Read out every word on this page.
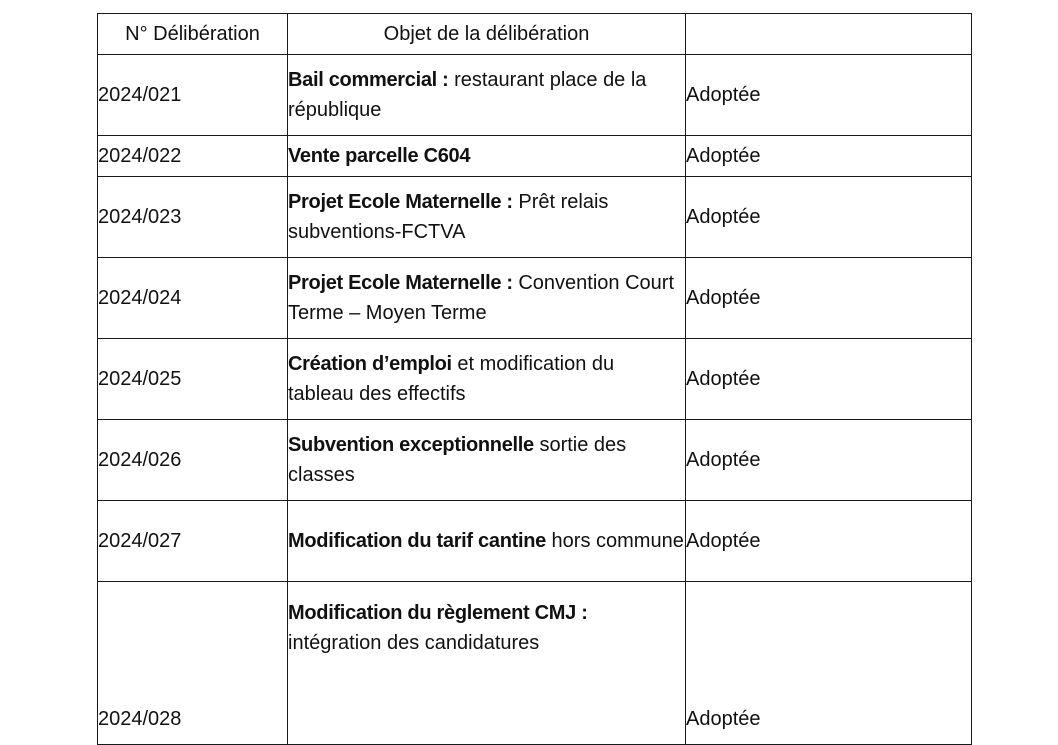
N° Délibération	Objet de la délibération	
2024/021	Bail commercial : restaurant place de la république	Adoptée
2024/022	Vente parcelle C604	Adoptée
2024/023	Projet Ecole Maternelle : Prêt relais subventions-FCTVA	Adoptée
2024/024	Projet Ecole Maternelle : Convention Court Terme – Moyen Terme	Adoptée
2024/025	Création d’emploi et modification du tableau des effectifs	Adoptée
2024/026	Subvention exceptionnelle sortie des classes	Adoptée
2024/027	Modification du tarif cantine hors commune	Adoptée

2024/028	Modification du règlement CMJ : intégration des candidatures	Adoptée
